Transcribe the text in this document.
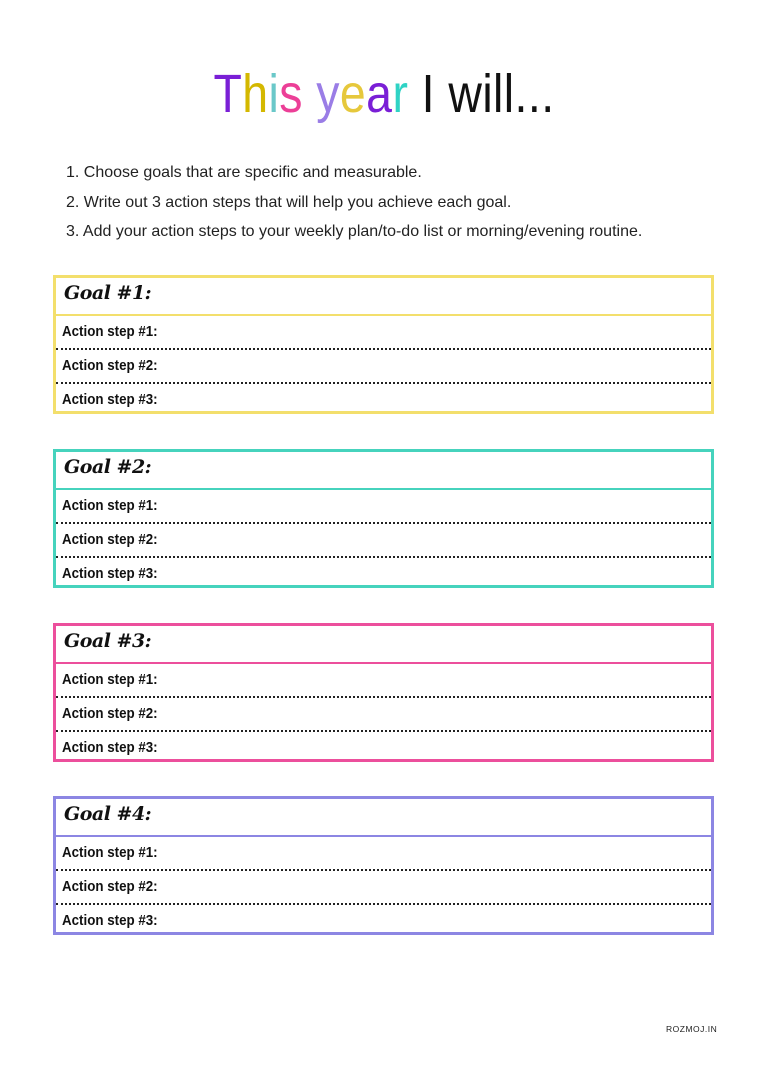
This year I will...
1. Choose goals that are specific and measurable.
2. Write out 3 action steps that will help you achieve each goal.
3. Add your action steps to your weekly plan/to-do list or morning/evening routine.
Goal #1:
Action step #1:
Action step #2:
Action step #3:
Goal #2:
Action step #1:
Action step #2:
Action step #3:
Goal #3:
Action step #1:
Action step #2:
Action step #3:
Goal #4:
Action step #1:
Action step #2:
Action step #3:
ROZMOJ.IN
